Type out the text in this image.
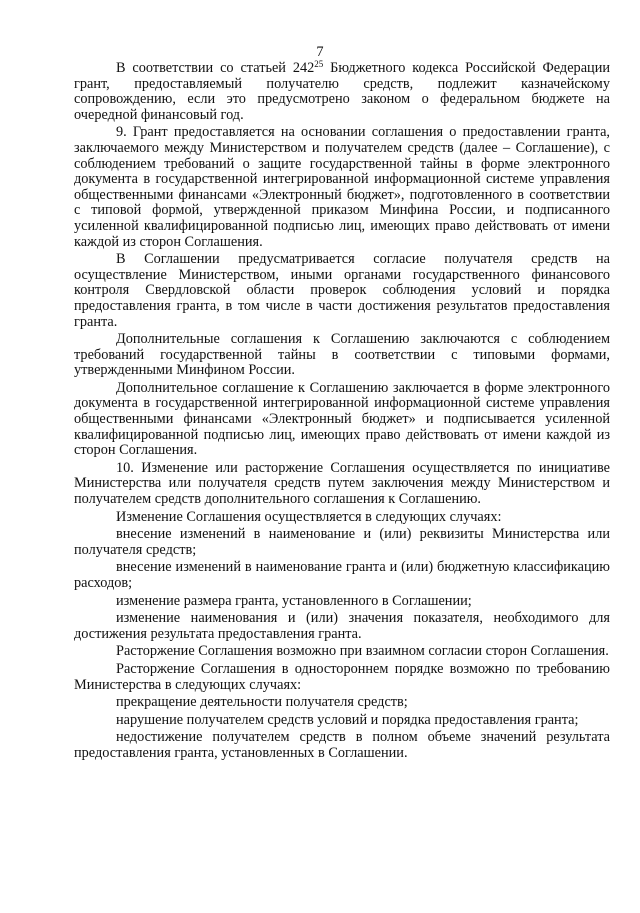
7

В соответствии со статьей $242^{25}$ Бюджетного кодекса Российской Федерации грант, предоставляемый получателю средств, подлежит казначейскому сопровождению, если это предусмотрено законом о федеральном бюджете на очередной финансовый год.

9. Грант предоставляется на основании соглашения о предоставлении гранта, заключаемого между Министерством и получателем средств (далее – Соглашение), с соблюдением требований о защите государственной тайны в форме электронного документа в государственной интегрированной информационной системе управления общественными финансами «Электронный бюджет», подготовленного в соответствии с типовой формой, утвержденной приказом Минфина России, и подписанного усиленной квалифицированной подписью лиц, имеющих право действовать от имени каждой из сторон Соглашения.

В Соглашении предусматривается согласие получателя средств на осуществление Министерством, иными органами государственного финансового контроля Свердловской области проверок соблюдения условий и порядка предоставления гранта, в том числе в части достижения результатов предоставления гранта.

Дополнительные соглашения к Соглашению заключаются с соблюдением требований государственной тайны в соответствии с типовыми формами, утвержденными Минфином России.

Дополнительное соглашение к Соглашению заключается в форме электронного документа в государственной интегрированной информационной системе управления общественными финансами «Электронный бюджет» и подписывается усиленной квалифицированной подписью лиц, имеющих право действовать от имени каждой из сторон Соглашения.

10. Изменение или расторжение Соглашения осуществляется по инициативе Министерства или получателя средств путем заключения между Министерством и получателем средств дополнительного соглашения к Соглашению.

Изменение Соглашения осуществляется в следующих случаях:

внесение изменений в наименование и (или) реквизиты Министерства или получателя средств;

внесение изменений в наименование гранта и (или) бюджетную классификацию расходов;

изменение размера гранта, установленного в Соглашении;

изменение наименования и (или) значения показателя, необходимого для достижения результата предоставления гранта.

Расторжение Соглашения возможно при взаимном согласии сторон Соглашения.

Расторжение Соглашения в одностороннем порядке возможно по требованию Министерства в следующих случаях:

прекращение деятельности получателя средств;

нарушение получателем средств условий и порядка предоставления гранта;

недостижение получателем средств в полном объеме значений результата предоставления гранта, установленных в Соглашении.
